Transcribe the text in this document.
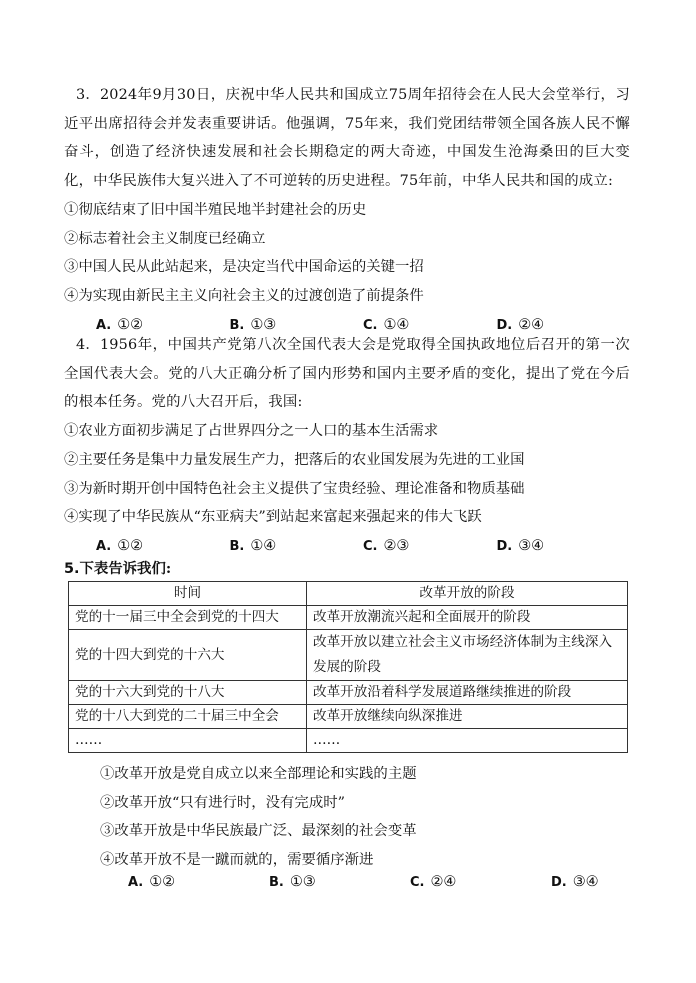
3．2024年9月30日，庆祝中华人民共和国成立75周年招待会在人民大会堂举行，习近平出席招待会并发表重要讲话。他强调，75年来，我们党团结带领全国各族人民不懈奋斗，创造了经济快速发展和社会长期稳定的两大奇迹，中国发生沧海桑田的巨大变化，中华民族伟大复兴进入了不可逆转的历史进程。75年前，中华人民共和国的成立:

①彻底结束了旧中国半殖民地半封建社会的历史

②标志着社会主义制度已经确立

③中国人民从此站起来，是决定当代中国命运的关键一招

④为实现由新民主主义向社会主义的过渡创造了前提条件

A. ①②	B. ①③	C. ①④	D. ②④

4．1956年，中国共产党第八次全国代表大会是党取得全国执政地位后召开的第一次全国代表大会。党的八大正确分析了国内形势和国内主要矛盾的变化，提出了党在今后的根本任务。党的八大召开后，我国:

①农业方面初步满足了占世界四分之一人口的基本生活需求

②主要任务是集中力量发展生产力，把落后的农业国发展为先进的工业国

③为新时期开创中国特色社会主义提供了宝贵经验、理论准备和物质基础

④实现了中华民族从“东亚病夫”到站起来富起来强起来的伟大飞跃

A. ①②	B. ①④	C. ②③	D. ③④
5.下表告诉我们:
时间	改革开放的阶段
党的十一届三中全会到党的十四大	改革开放潮流兴起和全面展开的阶段
党的十四大到党的十六大	改革开放以建立社会主义市场经济体制为主线深入发展的阶段
党的十六大到党的十八大	改革开放沿着科学发展道路继续推进的阶段
党的十八大到党的二十届三中全会	改革开放继续向纵深推进
……	……

①改革开放是党自成立以来全部理论和实践的主题

②改革开放“只有进行时，没有完成时”

③改革开放是中华民族最广泛、最深刻的社会变革

④改革开放不是一蹴而就的，需要循序渐进

A. ①②	B. ①③	C. ②④	D. ③④
